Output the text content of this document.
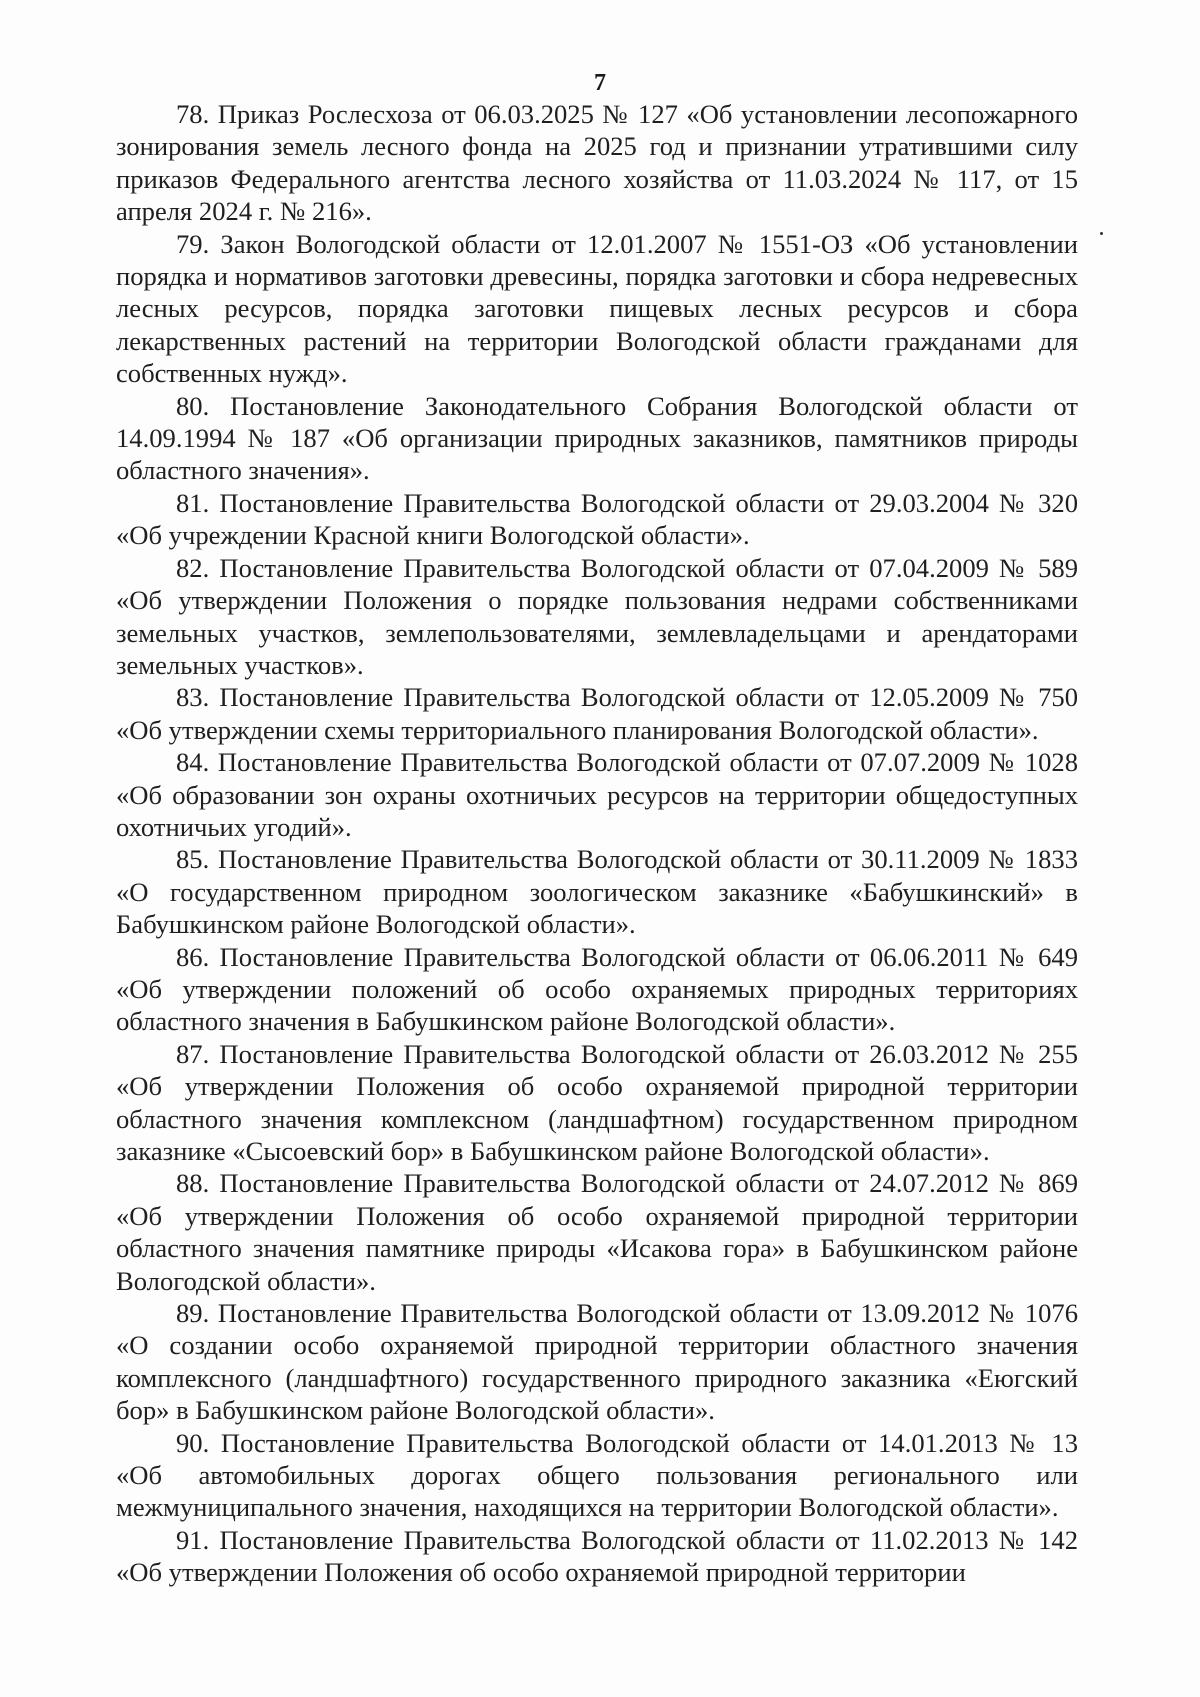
7

78. Приказ Рослесхоза от 06.03.2025 № 127 «Об установлении лесопожарного зонирования земель лесного фонда на 2025 год и признании утратившими силу приказов Федерального агентства лесного хозяйства от 11.03.2024 № 117, от 15 апреля 2024 г. № 216».

79. Закон Вологодской области от 12.01.2007 № 1551-ОЗ «Об установлении порядка и нормативов заготовки древесины, порядка заготовки и сбора недревесных лесных ресурсов, порядка заготовки пищевых лесных ресурсов и сбора лекарственных растений на территории Вологодской области гражданами для собственных нужд».

80. Постановление Законодательного Собрания Вологодской области от 14.09.1994 № 187 «Об организации природных заказников, памятников природы областного значения».

81. Постановление Правительства Вологодской области от 29.03.2004 № 320 «Об учреждении Красной книги Вологодской области».

82. Постановление Правительства Вологодской области от 07.04.2009 № 589 «Об утверждении Положения о порядке пользования недрами собственниками земельных участков, землепользователями, землевладельцами и арендаторами земельных участков».

83. Постановление Правительства Вологодской области от 12.05.2009 № 750 «Об утверждении схемы территориального планирования Вологодской области».

84. Постановление Правительства Вологодской области от 07.07.2009 № 1028 «Об образовании зон охраны охотничьих ресурсов на территории общедоступных охотничьих угодий».

85. Постановление Правительства Вологодской области от 30.11.2009 № 1833 «О государственном природном зоологическом заказнике «Бабушкинский» в Бабушкинском районе Вологодской области».

86. Постановление Правительства Вологодской области от 06.06.2011 № 649 «Об утверждении положений об особо охраняемых природных территориях областного значения в Бабушкинском районе Вологодской области».

87. Постановление Правительства Вологодской области от 26.03.2012 № 255 «Об утверждении Положения об особо охраняемой природной территории областного значения комплексном (ландшафтном) государственном природном заказнике «Сысоевский бор» в Бабушкинском районе Вологодской области».

88. Постановление Правительства Вологодской области от 24.07.2012 № 869 «Об утверждении Положения об особо охраняемой природной территории областного значения памятнике природы «Исакова гора» в Бабушкинском районе Вологодской области».

89. Постановление Правительства Вологодской области от 13.09.2012 № 1076 «О создании особо охраняемой природной территории областного значения комплексного (ландшафтного) государственного природного заказника «Еюгский бор» в Бабушкинском районе Вологодской области».

90. Постановление Правительства Вологодской области от 14.01.2013 № 13 «Об автомобильных дорогах общего пользования регионального или межмуниципального значения, находящихся на территории Вологодской области».

91. Постановление Правительства Вологодской области от 11.02.2013 № 142 «Об утверждении Положения об особо охраняемой природной территории
